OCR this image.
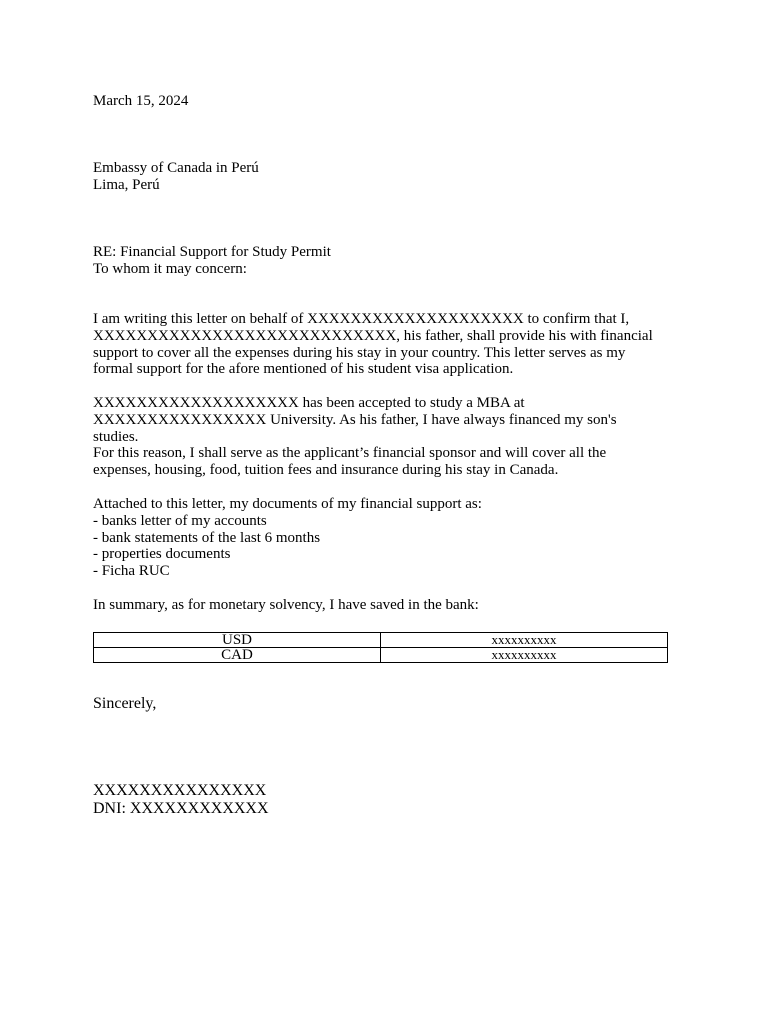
March 15, 2024
Embassy of Canada in Perú
Lima, Perú
RE: Financial Support for Study Permit
To whom it may concern:
I am writing this letter on behalf of XXXXXXXXXXXXXXXXXXXX to confirm that I,
XXXXXXXXXXXXXXXXXXXXXXXXXXXX, his father, shall provide his with financial
support to cover all the expenses during his stay in your country. This letter serves as my
formal support for the afore mentioned of his student visa application.
XXXXXXXXXXXXXXXXXXX has been accepted to study a MBA at
XXXXXXXXXXXXXXXX University. As his father, I have always financed my son's
studies.
For this reason, I shall serve as the applicant’s financial sponsor and will cover all the
expenses, housing, food, tuition fees and insurance during his stay in Canada.
Attached to this letter, my documents of my financial support as:
- banks letter of my accounts
- bank statements of the last 6 months
- properties documents
- Ficha RUC
In summary, as for monetary solvency, I have saved in the bank:
USD	xxxxxxxxxx
CAD	xxxxxxxxxx
Sincerely,
XXXXXXXXXXXXXXX
DNI: XXXXXXXXXXXX
